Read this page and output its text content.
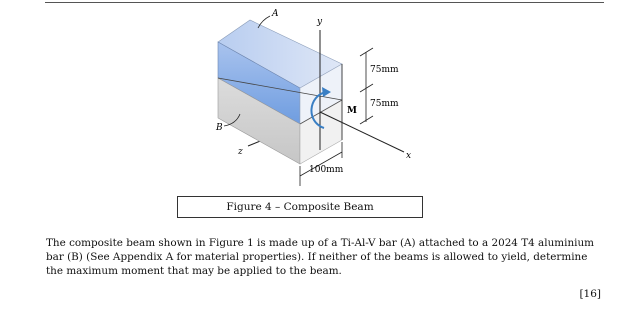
A
B
y
x
z
M
75mm
75mm
100mm
Figure 4 – Composite Beam

The composite beam shown in Figure 1 is made up of a Ti-Al-V bar (A) attached to a 2024 T4 aluminium bar (B) (See Appendix A for material properties). If neither of the beams is allowed to yield, determine the maximum moment that may be applied to the beam.

[16]
